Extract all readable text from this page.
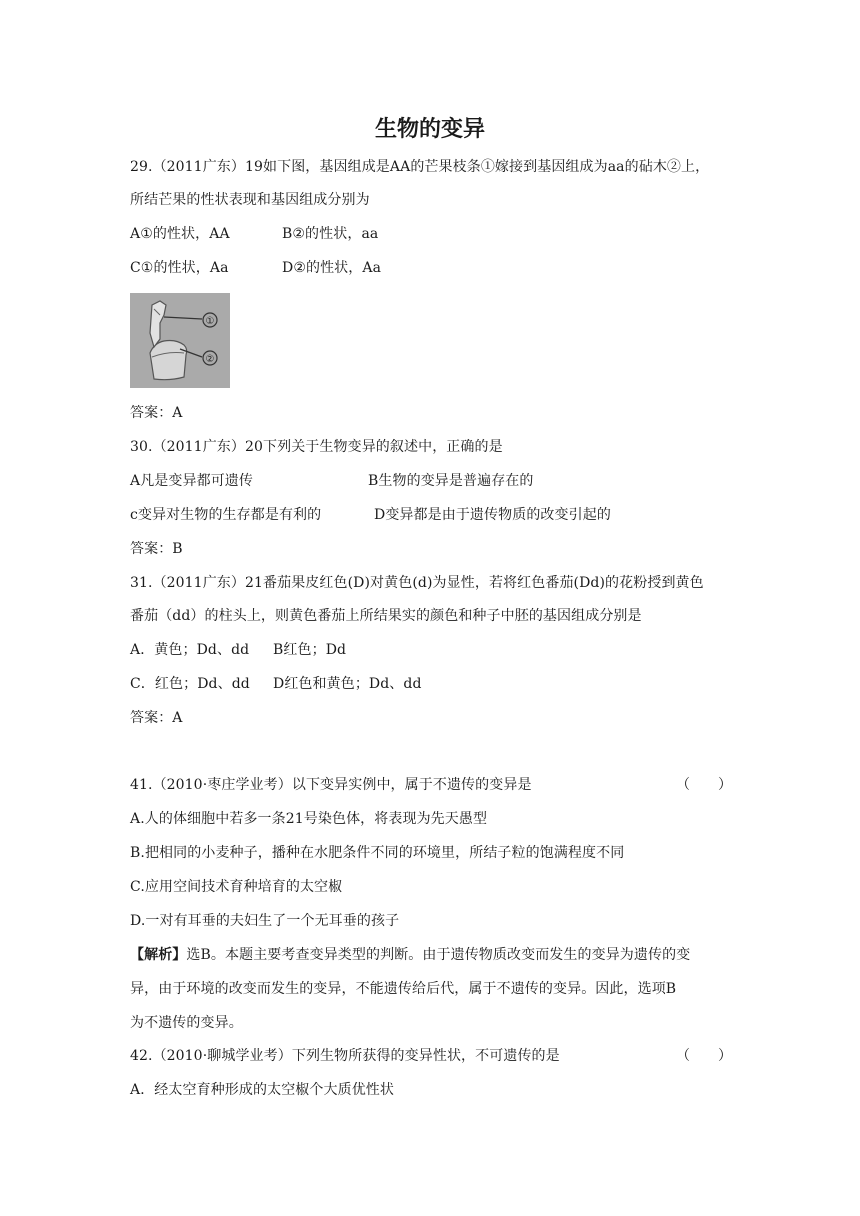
生物的变异
29.（2011广东）19如下图，基因组成是AA的芒果枝条①嫁接到基因组成为aa的砧木②上，
所结芒果的性状表现和基因组成分别为
A①的性状，AA	B②的性状，aa
C①的性状，Aa	D②的性状，Aa
①
②
答案：A
30.（2011广东）20下列关于生物变异的叙述中，正确的是
A凡是变异都可遗传	B生物的变异是普遍存在的
c变异对生物的生存都是有利的	D变异都是由于遗传物质的改变引起的
答案：B
31.（2011广东）21番茄果皮红色(D)对黄色(d)为显性，若将红色番茄(Dd)的花粉授到黄色
番茄（dd）的柱头上，则黄色番茄上所结果实的颜色和种子中胚的基因组成分别是
A．黄色；Dd、dd B红色；Dd
C．红色；Dd、dd D红色和黄色；Dd、dd
答案：A
41.（2010·枣庄学业考）以下变异实例中，属于不遗传的变异是	（　　）
A.人的体细胞中若多一条21号染色体，将表现为先天愚型
B.把相同的小麦种子，播种在水肥条件不同的环境里，所结子粒的饱满程度不同
C.应用空间技术育种培育的太空椒
D.一对有耳垂的夫妇生了一个无耳垂的孩子
【解析】选B。本题主要考查变异类型的判断。由于遗传物质改变而发生的变异为遗传的变
异，由于环境的改变而发生的变异，不能遗传给后代，属于不遗传的变异。因此，选项B
为不遗传的变异。
42.（2010·聊城学业考）下列生物所获得的变异性状，不可遗传的是	（　　）
A．经太空育种形成的太空椒个大质优性状
